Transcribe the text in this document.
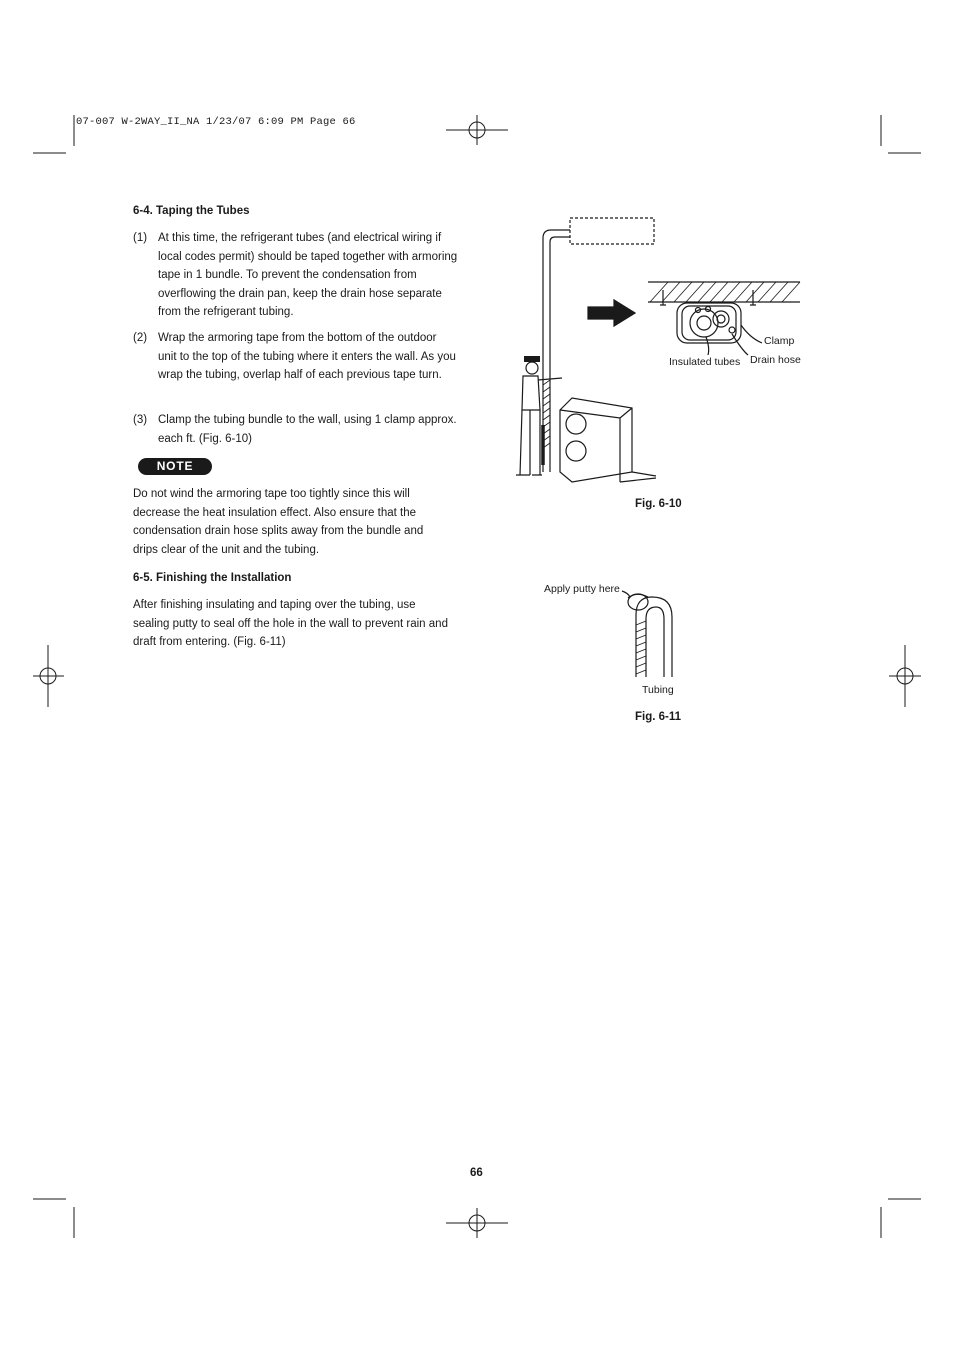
07-007 W-2WAY_II_NA 1/23/07 6:09 PM Page 66
6-4. Taping the Tubes
(1) At this time, the refrigerant tubes (and electrical wiring if local codes permit) should be taped together with armoring tape in 1 bundle. To prevent the condensation from overflowing the drain pan, keep the drain hose separate from the refrigerant tubing.
(2) Wrap the armoring tape from the bottom of the outdoor unit to the top of the tubing where it enters the wall. As you wrap the tubing, overlap half of each previous tape turn.
(3) Clamp the tubing bundle to the wall, using 1 clamp approx. each ft. (Fig. 6-10)
NOTE
Do not wind the armoring tape too tightly since this will decrease the heat insulation effect. Also ensure that the condensation drain hose splits away from the bundle and drips clear of the unit and the tubing.
6-5. Finishing the Installation
After finishing insulating and taping over the tubing, use sealing putty to seal off the hole in the wall to prevent rain and draft from entering. (Fig. 6-11)
Clamp
Insulated tubes Drain hose
Fig. 6-10
Apply putty here
Tubing
Fig. 6-11
66
